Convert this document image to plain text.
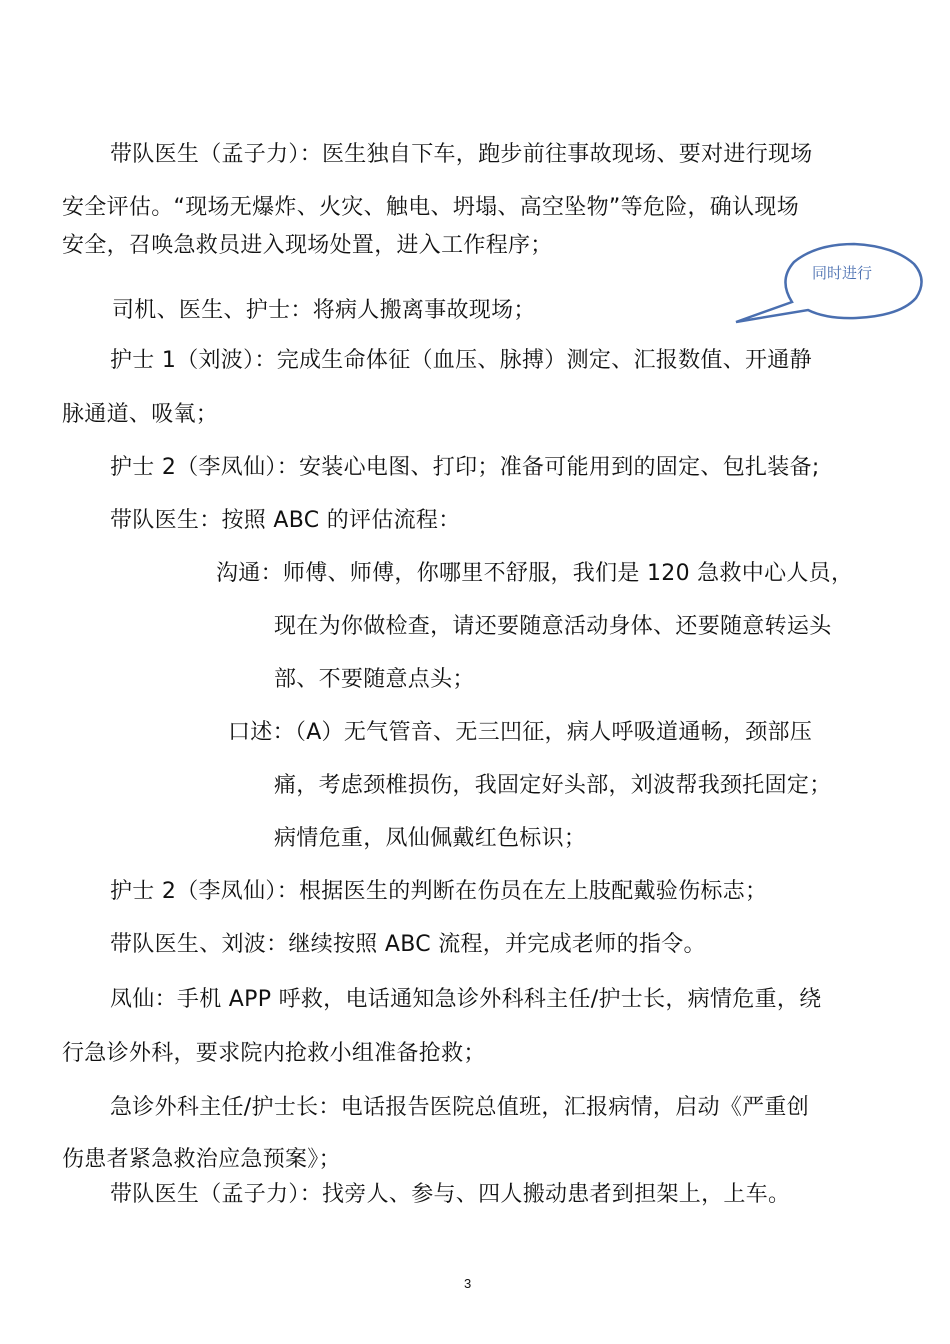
带队医生（孟子力）：医生独自下车，跑步前往事故现场、要对进行现场
安全评估。“现场无爆炸、火灾、触电、坍塌、高空坠物”等危险，确认现场
安全，召唤急救员进入现场处置，进入工作程序；
同时进行
司机、医生、护士：将病人搬离事故现场；
护士 1（刘波）：完成生命体征（血压、脉搏）测定、汇报数值、开通静
脉通道、吸氧；
护士 2（李凤仙）：安装心电图、打印；准备可能用到的固定、包扎装备;
带队医生：按照 ABC 的评估流程：
沟通：师傅、师傅，你哪里不舒服，我们是 120 急救中心人员，
现在为你做检查，请还要随意活动身体、还要随意转运头
部、不要随意点头；
口述：（A）无气管音、无三凹征，病人呼吸道通畅，颈部压
痛，考虑颈椎损伤，我固定好头部，刘波帮我颈托固定；
病情危重，凤仙佩戴红色标识；
护士 2（李凤仙）：根据医生的判断在伤员在左上肢配戴验伤标志；
带队医生、刘波：继续按照 ABC 流程，并完成老师的指令。
凤仙：手机 APP 呼救，电话通知急诊外科科主任/护士长，病情危重，绕
行急诊外科，要求院内抢救小组准备抢救；
急诊外科主任/护士长：电话报告医院总值班，汇报病情，启动《严重创
伤患者紧急救治应急预案》；
带队医生（孟子力）：找旁人、参与、四人搬动患者到担架上，上车。
3
